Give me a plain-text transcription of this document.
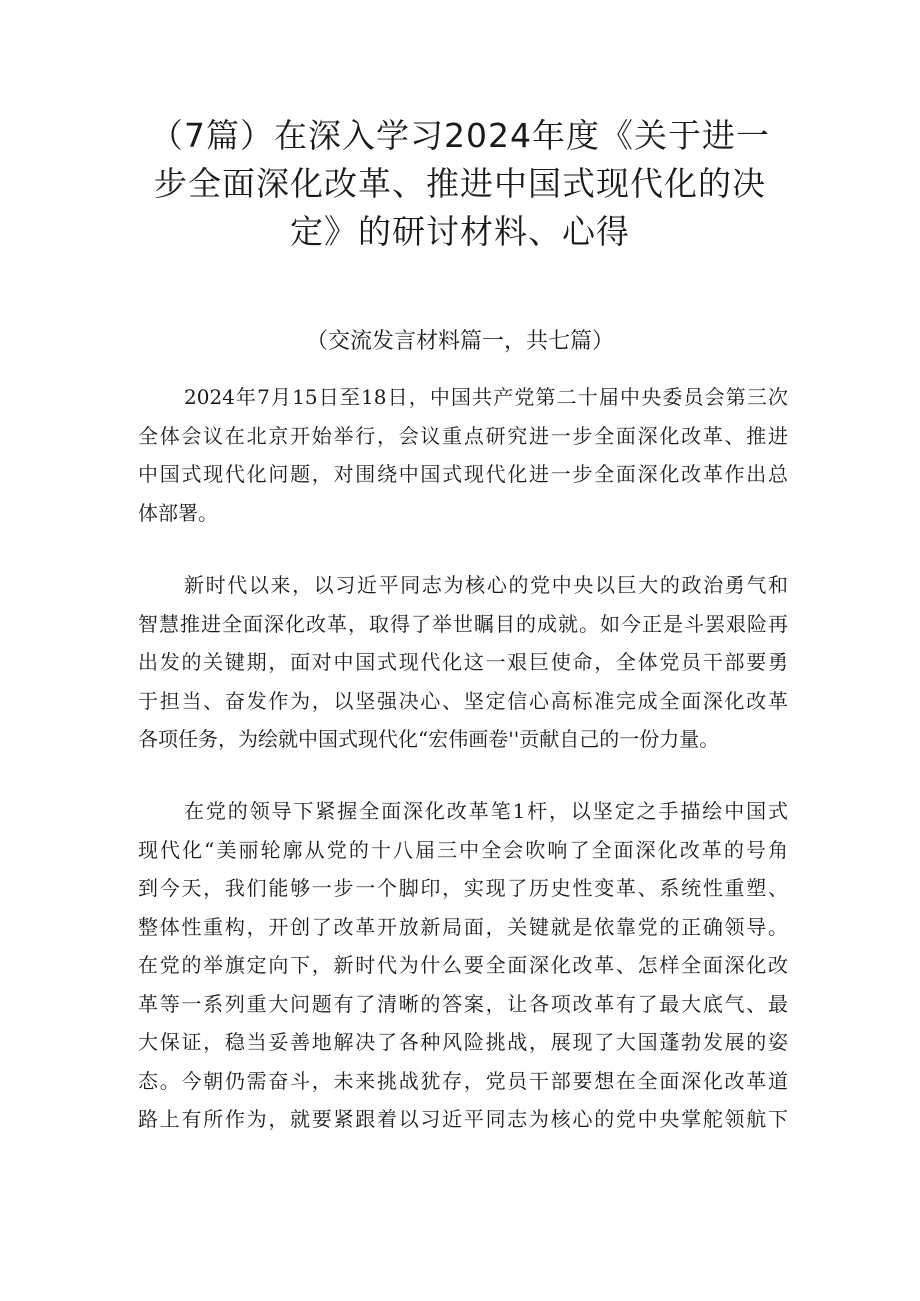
（7篇）在深入学习2024年度《关于进一
步全面深化改革、推进中国式现代化的决
定》的研讨材料、心得
（交流发言材料篇一，共七篇）
2024年7月15日至18日，中国共产党第二十届中央委员会第三次
全体会议在北京开始举行，会议重点研究进一步全面深化改革、推进
中国式现代化问题，对围绕中国式现代化进一步全面深化改革作出总
体部署。
新时代以来，以习近平同志为核心的党中央以巨大的政治勇气和
智慧推进全面深化改革，取得了举世瞩目的成就。如今正是斗罢艰险再
出发的关键期，面对中国式现代化这一艰巨使命，全体党员干部要勇
于担当、奋发作为，以坚强决心、坚定信心高标准完成全面深化改革
各项任务，为绘就中国式现代化“宏伟画卷''贡献自己的一份力量。
在党的领导下紧握全面深化改革笔1杆，以坚定之手描绘中国式
现代化“美丽轮廓从党的十八届三中全会吹响了全面深化改革的号角
到今天，我们能够一步一个脚印，实现了历史性变革、系统性重塑、
整体性重构，开创了改革开放新局面，关键就是依靠党的正确领导。
在党的举旗定向下，新时代为什么要全面深化改革、怎样全面深化改
革等一系列重大问题有了清晰的答案，让各项改革有了最大底气、最
大保证，稳当妥善地解决了各种风险挑战，展现了大国蓬勃发展的姿
态。今朝仍需奋斗，未来挑战犹存，党员干部要想在全面深化改革道
路上有所作为，就要紧跟着以习近平同志为核心的党中央掌舵领航下
